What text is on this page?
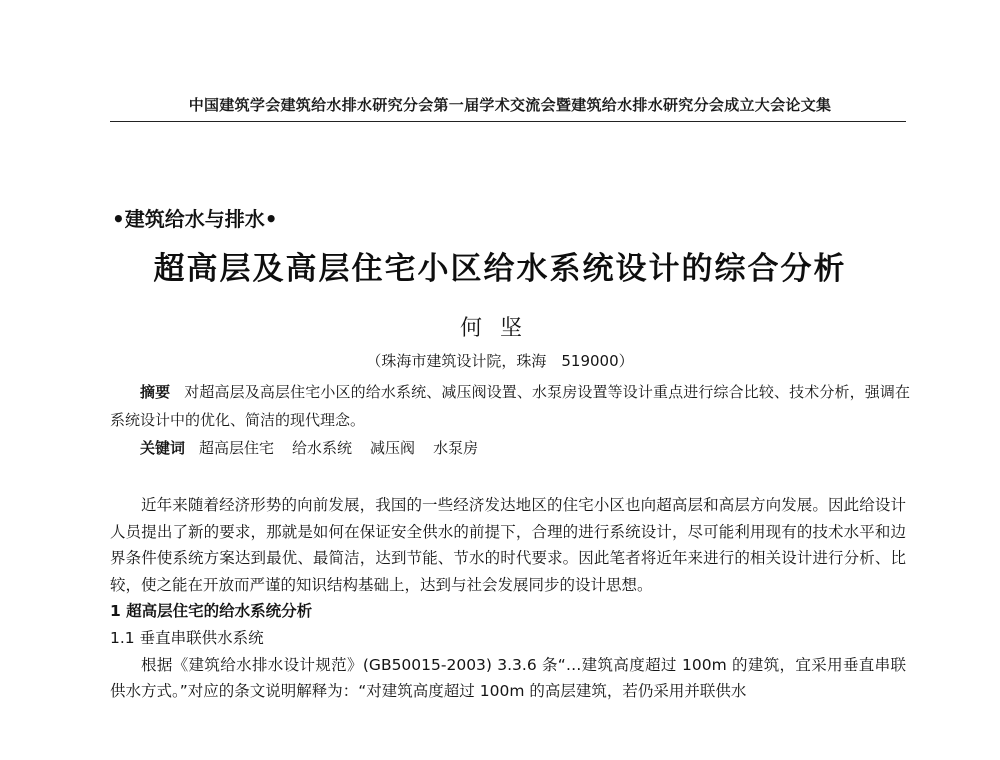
中国建筑学会建筑给水排水研究分会第一届学术交流会暨建筑给水排水研究分会成立大会论文集
•建筑给水与排水•
超高层及高层住宅小区给水系统设计的综合分析
何坚
（珠海市建筑设计院，珠海　519000）
摘要 对超高层及高层住宅小区的给水系统、减压阀设置、水泵房设置等设计重点进行综合比较、技术分析，强调在系统设计中的优化、简洁的现代理念。
关键词 超高层住宅 给水系统 减压阀 水泵房

近年来随着经济形势的向前发展，我国的一些经济发达地区的住宅小区也向超高层和高层方向发展。因此给设计人员提出了新的要求，那就是如何在保证安全供水的前提下，合理的进行系统设计，尽可能利用现有的技术水平和边界条件使系统方案达到最优、最简洁，达到节能、节水的时代要求。因此笔者将近年来进行的相关设计进行分析、比较，使之能在开放而严谨的知识结构基础上，达到与社会发展同步的设计思想。

1 超高层住宅的给水系统分析
1.1 垂直串联供水系统

根据《建筑给水排水设计规范》(GB50015-2003) 3.3.6 条“…建筑高度超过 100m 的建筑，宜采用垂直串联供水方式。”对应的条文说明解释为：“对建筑高度超过 100m 的高层建筑，若仍采用并联供水
